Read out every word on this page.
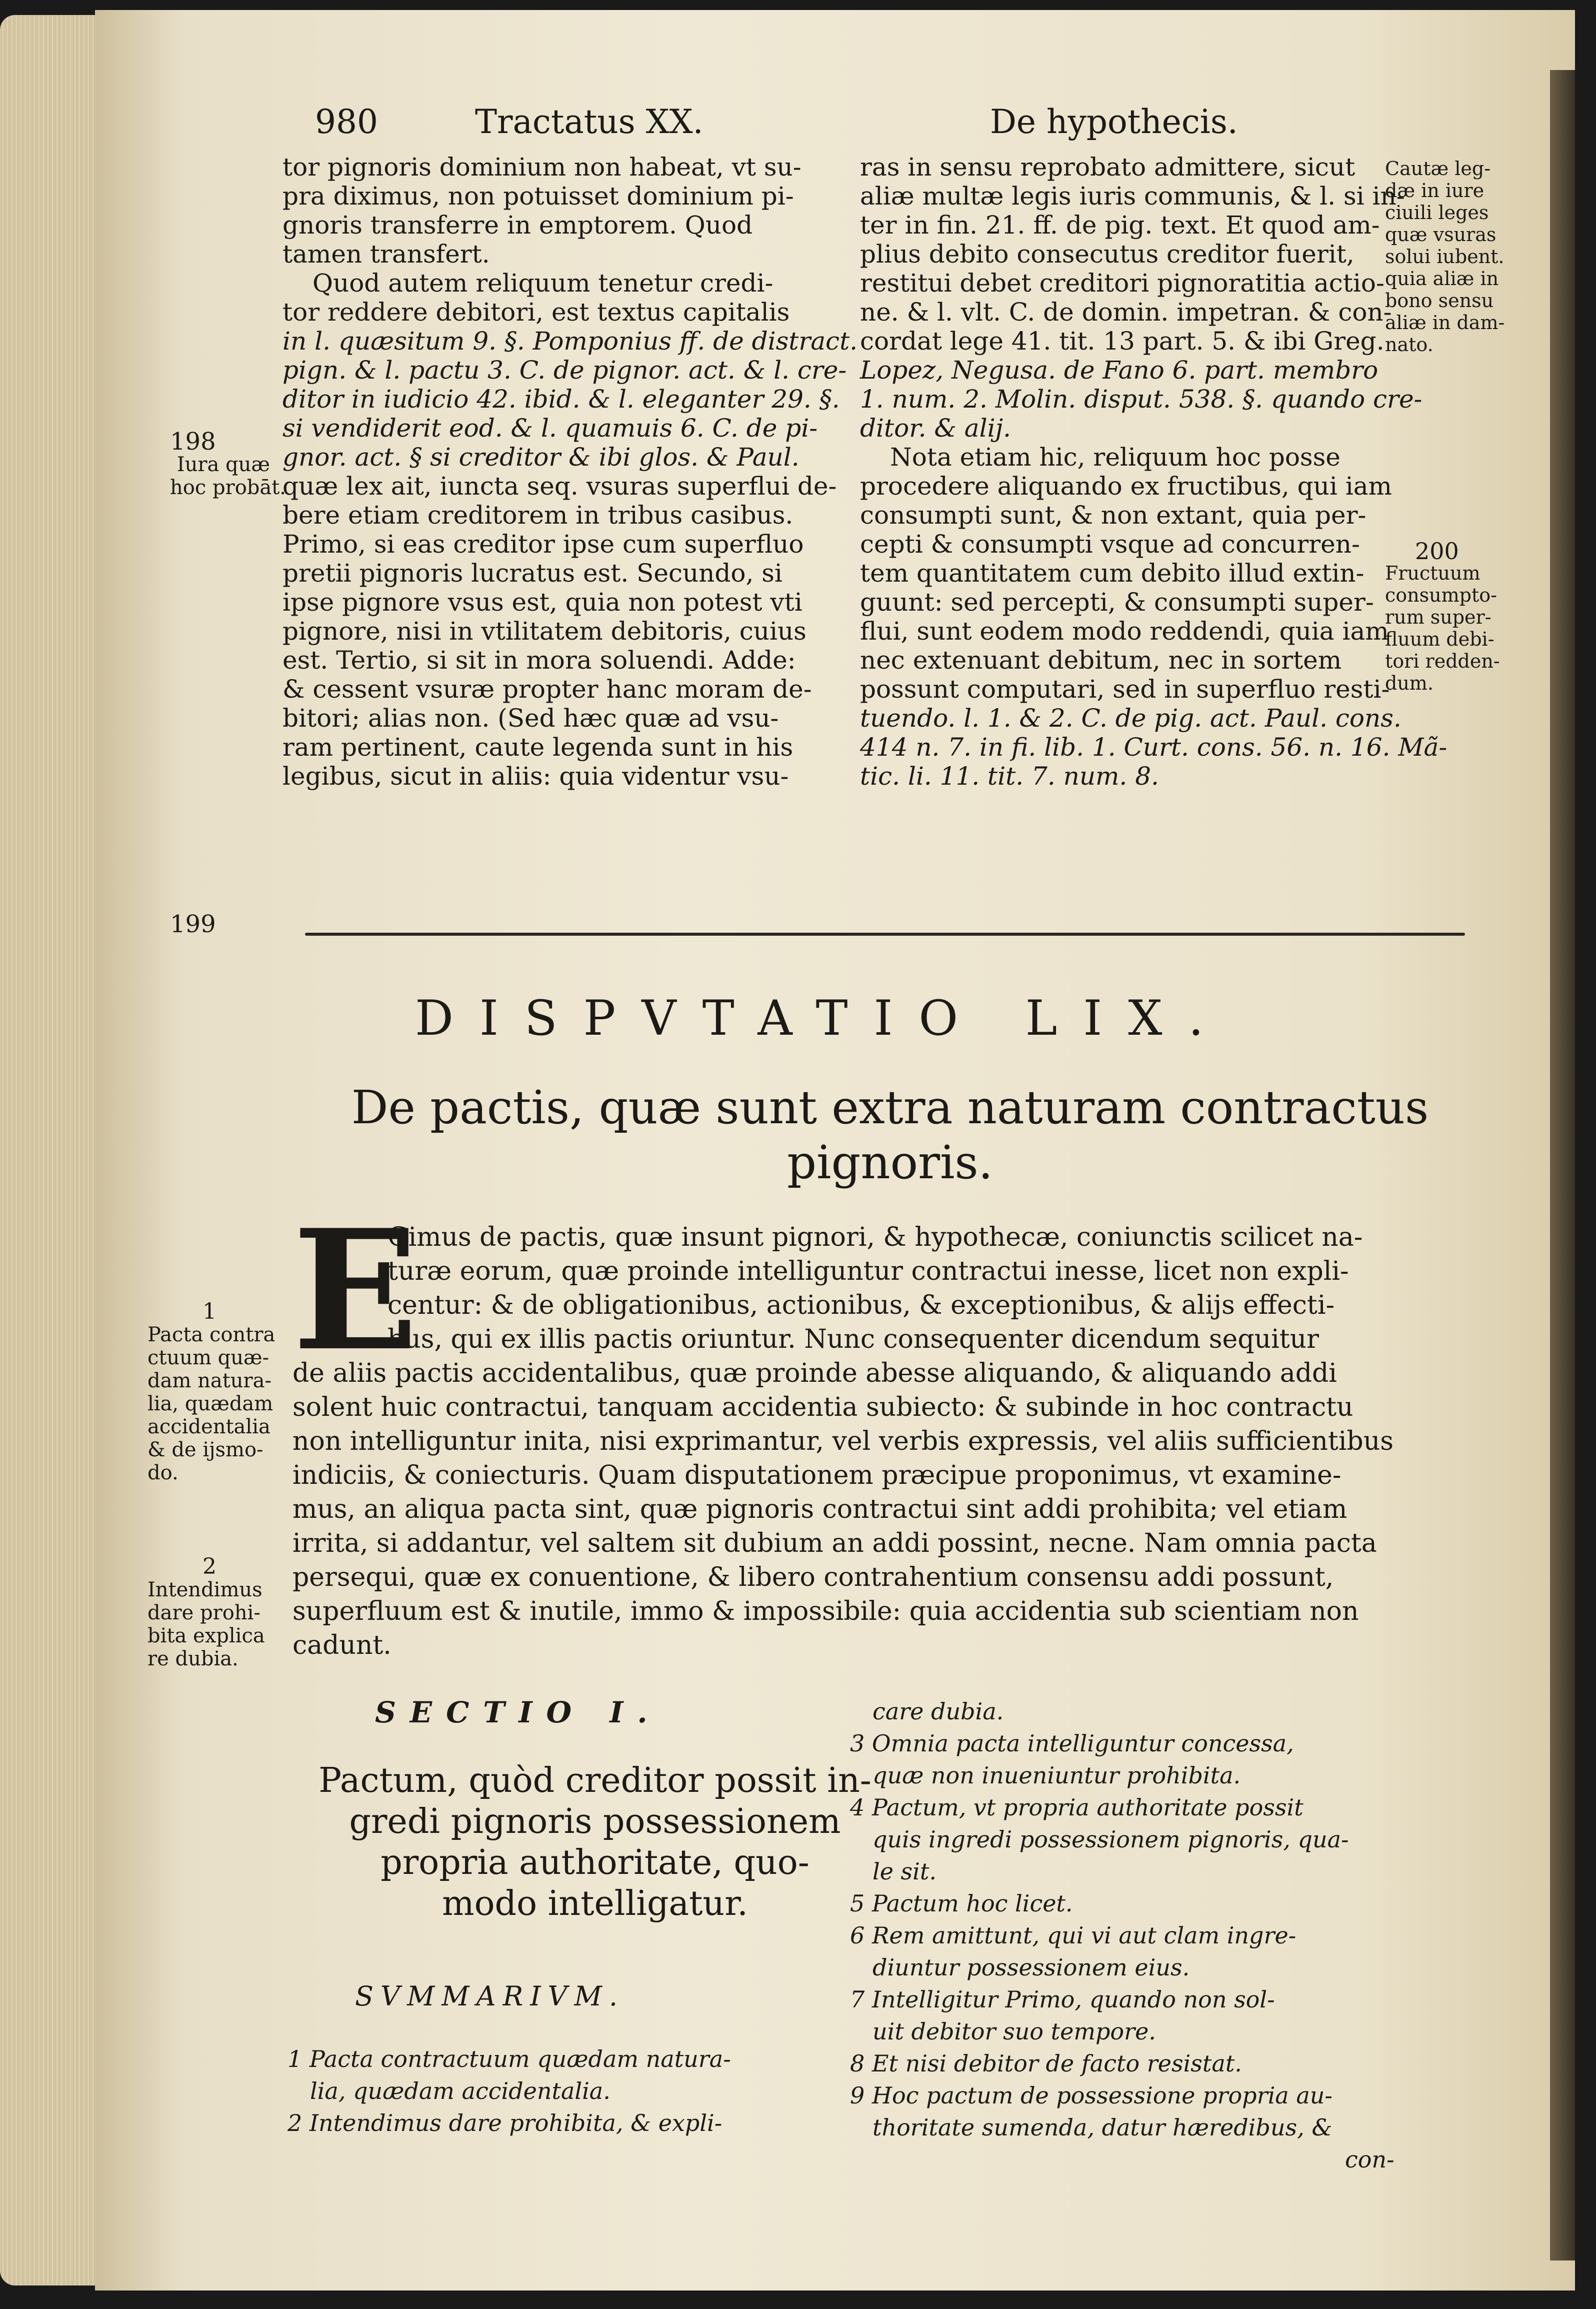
980	Tractatus XX.	De hypothecis.
tor pignoris dominium non habeat, vt su-
pra diximus, non potuisset dominium pi-
gnoris transferre in emptorem. Quod
tamen transfert.
Quod autem reliquum tenetur credi-
tor reddere debitori, est textus capitalis
in l. quæsitum 9. §. Pomponius ff. de distract.
pign. & l. pactu 3. C. de pignor. act. & l. cre-
ditor in iudicio 42. ibid. & l. eleganter 29. §.
si vendiderit eod. & l. quamuis 6. C. de pi-
gnor. act. § si creditor & ibi glos. & Paul.
quæ lex ait, iuncta seq. vsuras superflui de-
bere etiam creditorem in tribus casibus.
Primo, si eas creditor ipse cum superfluo
pretii pignoris lucratus est. Secundo, si
ipse pignore vsus est, quia non potest vti
pignore, nisi in vtilitatem debitoris, cuius
est. Tertio, si sit in mora soluendi. Adde:
& cessent vsuræ propter hanc moram de-
bitori; alias non. (Sed hæc quæ ad vsu-
ram pertinent, caute legenda sunt in his
legibus, sicut in aliis: quia videntur vsu-
ras in sensu reprobato admittere, sicut
aliæ multæ legis iuris communis, & l. si in-
ter in fin. 21. ff. de pig. text. Et quod am-
plius debito consecutus creditor fuerit,
restitui debet creditori pignoratitia actio-
ne. & l. vlt. C. de domin. impetran. & con-
cordat lege 41. tit. 13 part. 5. & ibi Greg.
Lopez, Negusa. de Fano 6. part. membro
1. num. 2. Molin. disput. 538. §. quando cre-
ditor. & alij.
Nota etiam hic, reliquum hoc posse
procedere aliquando ex fructibus, qui iam
consumpti sunt, & non extant, quia per-
cepti & consumpti vsque ad concurren-
tem quantitatem cum debito illud extin-
guunt: sed percepti, & consumpti super-
flui, sunt eodem modo reddendi, quia iam
nec extenuant debitum, nec in sortem
possunt computari, sed in superfluo resti-
tuendo. l. 1. & 2. C. de pig. act. Paul. cons.
414 n. 7. in fi. lib. 1. Curt. cons. 56. n. 16. Mã-
tic. li. 11. tit. 7. num. 8.
198
Iura quæ
hoc probāt.
199
Cautæ leg-
dæ in iure
ciuili leges
quæ vsuras
solui iubent.
quia aliæ in
bono sensu
aliæ in dam-
nato.
200
Fructuum
consumpto-
rum super-
fluum debi-
tori redden-
dum.
DISPVTATIO LIX.
De pactis, quæ sunt extra naturam contractus
pignoris.
E
Gimus de pactis, quæ insunt pignori, & hypothecæ, coniunctis scilicet na-
turæ eorum, quæ proinde intelliguntur contractui inesse, licet non expli-
centur: & de obligationibus, actionibus, & exceptionibus, & alijs effecti-
bus, qui ex illis pactis oriuntur. Nunc consequenter dicendum sequitur
de aliis pactis accidentalibus, quæ proinde abesse aliquando, & aliquando addi
solent huic contractui, tanquam accidentia subiecto: & subinde in hoc contractu
non intelliguntur inita, nisi exprimantur, vel verbis expressis, vel aliis sufficientibus
indiciis, & coniecturis. Quam disputationem præcipue proponimus, vt examine-
mus, an aliqua pacta sint, quæ pignoris contractui sint addi prohibita; vel etiam
irrita, si addantur, vel saltem sit dubium an addi possint, necne. Nam omnia pacta
persequi, quæ ex conuentione, & libero contrahentium consensu addi possunt,
superfluum est & inutile, immo & impossibile: quia accidentia sub scientiam non
cadunt.
1
Pacta contra
ctuum quæ-
dam natura-
lia, quædam
accidentalia
& de ijsmo-
do.
2
Intendimus
dare prohi-
bita explica
re dubia.
SECTIO I.
Pactum, quòd creditor possit in-
gredi pignoris possessionem
propria authoritate, quo-
modo intelligatur.
SVMMARIVM.
1 Pacta contractuum quædam natura-
lia, quædam accidentalia.
2 Intendimus dare prohibita, & expli-
care dubia.
3 Omnia pacta intelliguntur concessa,
quæ non inueniuntur prohibita.
4 Pactum, vt propria authoritate possit
quis ingredi possessionem pignoris, qua-
le sit.
5 Pactum hoc licet.
6 Rem amittunt, qui vi aut clam ingre-
diuntur possessionem eius.
7 Intelligitur Primo, quando non sol-
uit debitor suo tempore.
8 Et nisi debitor de facto resistat.
9 Hoc pactum de possessione propria au-
thoritate sumenda, datur hæredibus, &
con-
